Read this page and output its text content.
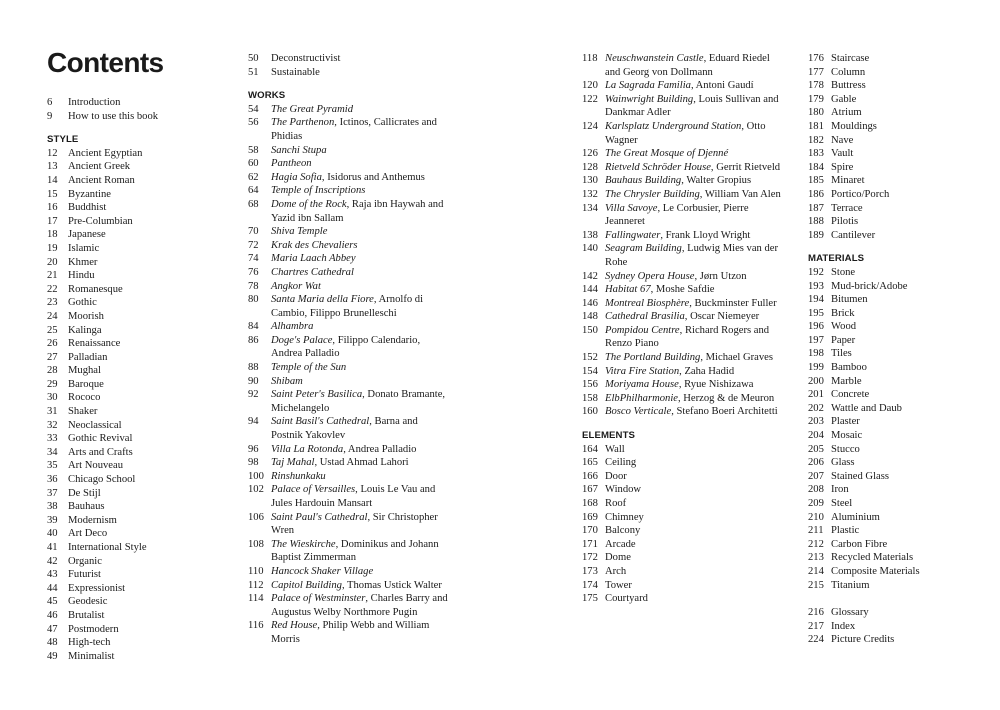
Contents
6	Introduction
9	How to use this book
STYLE
12 Ancient Egyptian
13 Ancient Greek
14 Ancient Roman
15 Byzantine
16 Buddhist
17 Pre-Columbian
18 Japanese
19 Islamic
20 Khmer
21 Hindu
22 Romanesque
23 Gothic
24 Moorish
25 Kalinga
26 Renaissance
27 Palladian
28 Mughal
29 Baroque
30 Rococo
31 Shaker
32 Neoclassical
33 Gothic Revival
34 Arts and Crafts
35 Art Nouveau
36 Chicago School
37 De Stijl
38 Bauhaus
39 Modernism
40 Art Deco
41 International Style
42 Organic
43 Futurist
44 Expressionist
45 Geodesic
46 Brutalist
47 Postmodern
48 High-tech
49 Minimalist
50	Deconstructivist
51	Sustainable
WORKS
54	The Great Pyramid
56	The Parthenon, Ictinos, Callicrates and Phidias
58	Sanchi Stupa
60	Pantheon
62	Hagia Sofia, Isidorus and Anthemus
64	Temple of Inscriptions
68	Dome of the Rock, Raja ibn Haywah and Yazid ibn Sallam
70	Shiva Temple
72	Krak des Chevaliers
74	Maria Laach Abbey
76	Chartres Cathedral
78	Angkor Wat
80	Santa Maria della Fiore, Arnolfo di Cambio, Filippo Brunelleschi
84	Alhambra
86	Doge's Palace, Filippo Calendario, Andrea Palladio
88	Temple of the Sun
90	Shibam
92	Saint Peter's Basilica, Donato Bramante, Michelangelo
94	Saint Basil's Cathedral, Barna and Postnik Yakovlev
96	Villa La Rotonda, Andrea Palladio
98	Taj Mahal, Ustad Ahmad Lahori
100 Rinshunkaku
102 Palace of Versailles, Louis Le Vau and Jules Hardouin Mansart
106 Saint Paul's Cathedral, Sir Christopher Wren
108 The Wieskirche, Dominikus and Johann Baptist Zimmerman
110 Hancock Shaker Village
112 Capitol Building, Thomas Ustick Walter
114 Palace of Westminster, Charles Barry and Augustus Welby Northmore Pugin
116 Red House, Philip Webb and William Morris
118 Neuschwanstein Castle, Eduard Riedel and Georg von Dollmann
120 La Sagrada Familia, Antoni Gaudí
122 Wainwright Building, Louis Sullivan and Dankmar Adler
124 Karlsplatz Underground Station, Otto Wagner
126 The Great Mosque of Djenné
128 Rietveld Schröder House, Gerrit Rietveld
130 Bauhaus Building, Walter Gropius
132 The Chrysler Building, William Van Alen
134 Villa Savoye, Le Corbusier, Pierre Jeanneret
138 Fallingwater, Frank Lloyd Wright
140 Seagram Building, Ludwig Mies van der Rohe
142 Sydney Opera House, Jørn Utzon
144 Habitat 67, Moshe Safdie
146 Montreal Biosphère, Buckminster Fuller
148 Cathedral Brasilia, Oscar Niemeyer
150 Pompidou Centre, Richard Rogers and Renzo Piano
152 The Portland Building, Michael Graves
154 Vitra Fire Station, Zaha Hadid
156 Moriyama House, Ryue Nishizawa
158 ElbPhilharmonie, Herzog & de Meuron
160 Bosco Verticale, Stefano Boeri Architetti
ELEMENTS
164 Wall
165 Ceiling
166 Door
167 Window
168 Roof
169 Chimney
170 Balcony
171 Arcade
172 Dome
173 Arch
174 Tower
175 Courtyard
176 Staircase
177 Column
178 Buttress
179 Gable
180 Atrium
181 Mouldings
182 Nave
183 Vault
184 Spire
185 Minaret
186 Portico/Porch
187 Terrace
188 Pilotis
189 Cantilever
MATERIALS
192 Stone
193 Mud-brick/Adobe
194 Bitumen
195 Brick
196 Wood
197 Paper
198 Tiles
199 Bamboo
200 Marble
201 Concrete
202 Wattle and Daub
203 Plaster
204 Mosaic
205 Stucco
206 Glass
207 Stained Glass
208 Iron
209 Steel
210 Aluminium
211 Plastic
212 Carbon Fibre
213 Recycled Materials
214 Composite Materials
215 Titanium
216 Glossary
217 Index
224 Picture Credits
